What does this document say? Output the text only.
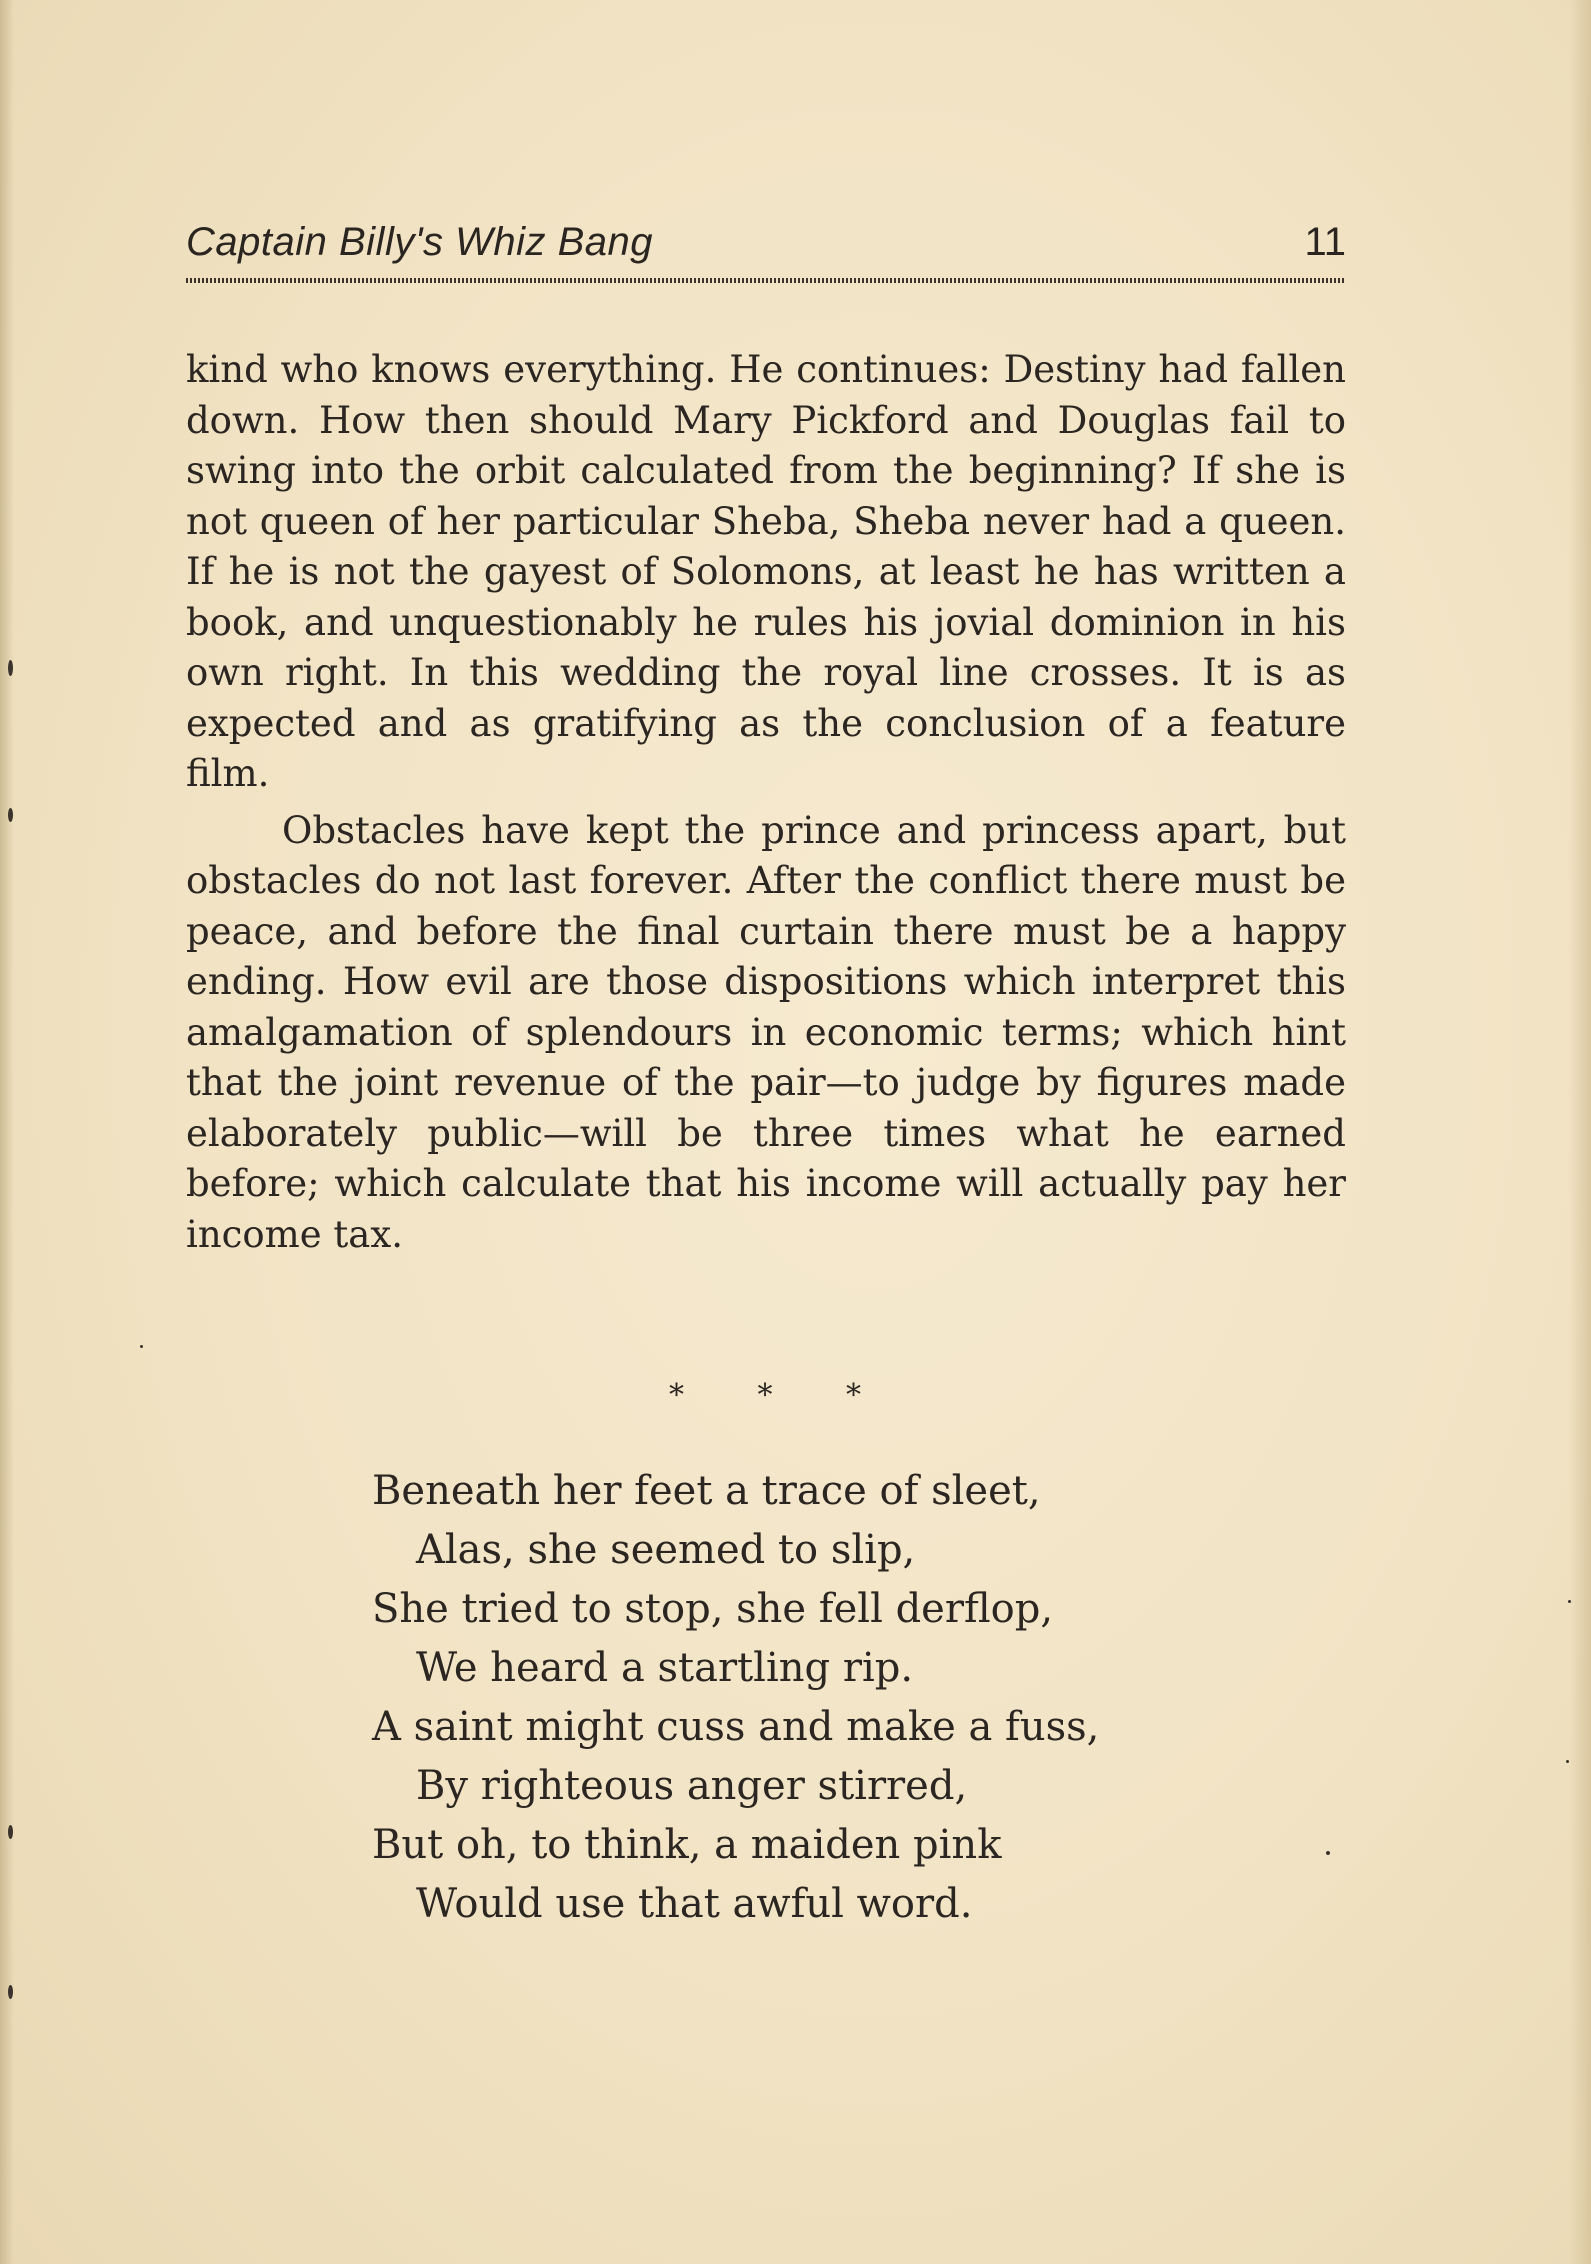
Captain Billy's Whiz Bang	11

kind who knows everything. He continues: Destiny had fallen down. How then should Mary Pickford and Douglas fail to swing into the orbit calculated from the beginning? If she is not queen of her particular Sheba, Sheba never had a queen. If he is not the gayest of Solomons, at least he has written a book, and unquestionably he rules his jovial dominion in his own right. In this wedding the royal line crosses. It is as expected and as gratifying as the conclusion of a feature film.

Obstacles have kept the prince and princess apart, but obstacles do not last forever. After the conflict there must be peace, and before the final curtain there must be a happy ending. How evil are those dispositions which interpret this amalgamation of splendours in economic terms; which hint that the joint revenue of the pair—to judge by figures made elaborately public—will be three times what he earned before; which calculate that his income will actually pay her income tax.

* * *
Beneath her feet a trace of sleet,
Alas, she seemed to slip,
She tried to stop, she fell derflop,
We heard a startling rip.
A saint might cuss and make a fuss,
By righteous anger stirred,
But oh, to think, a maiden pink
Would use that awful word.
